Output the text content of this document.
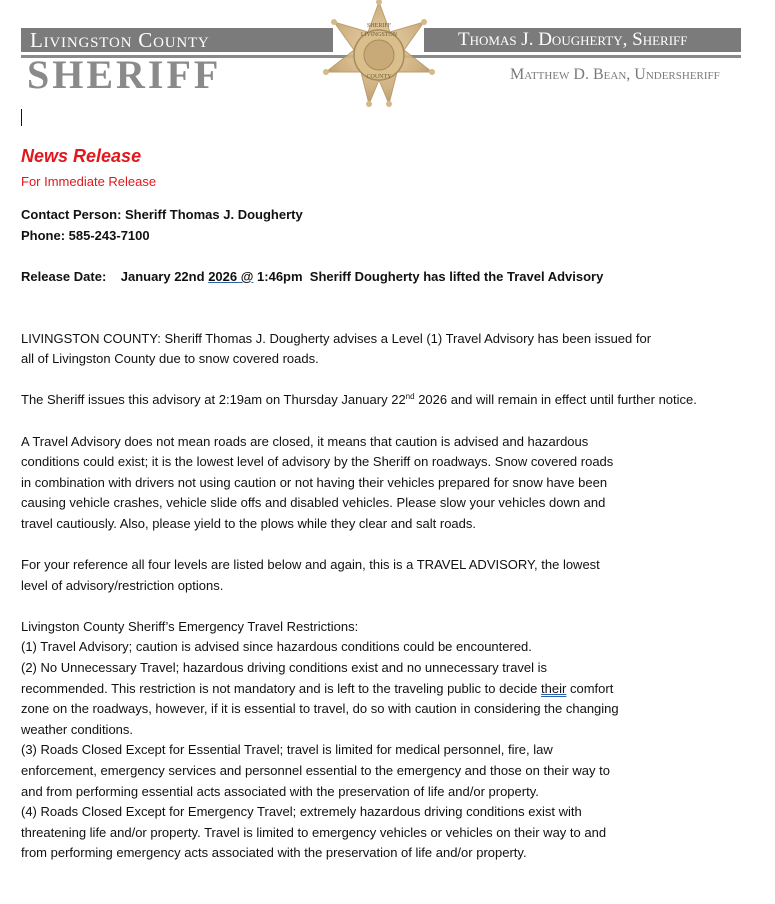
Livingston County
SHERIFF
Thomas J. Dougherty, Sheriff
Matthew D. Bean, Undersheriff
LIVINGSTON
SHERIFF
COUNTY

News Release

For Immediate Release

Contact Person: Sheriff Thomas J. Dougherty

Phone: 585-243-7100

Release Date: January 22nd 2026 @ 1:46pm Sheriff Dougherty has lifted the Travel Advisory

LIVINGSTON COUNTY: Sheriff Thomas J. Dougherty advises a Level (1) Travel Advisory has been issued for all of Livingston County due to snow covered roads.

The Sheriff issues this advisory at 2:19am on Thursday January 22nd 2026 and will remain in effect until further notice.

A Travel Advisory does not mean roads are closed, it means that caution is advised and hazardous conditions could exist; it is the lowest level of advisory by the Sheriff on roadways. Snow covered roads in combination with drivers not using caution or not having their vehicles prepared for snow have been causing vehicle crashes, vehicle slide offs and disabled vehicles. Please slow your vehicles down and travel cautiously. Also, please yield to the plows while they clear and salt roads.

For your reference all four levels are listed below and again, this is a TRAVEL ADVISORY, the lowest level of advisory/restriction options.

Livingston County Sheriff’s Emergency Travel Restrictions:

(1) Travel Advisory; caution is advised since hazardous conditions could be encountered.

(2) No Unnecessary Travel; hazardous driving conditions exist and no unnecessary travel is recommended. This restriction is not mandatory and is left to the traveling public to decide their comfort zone on the roadways, however, if it is essential to travel, do so with caution in considering the changing weather conditions.

(3) Roads Closed Except for Essential Travel; travel is limited for medical personnel, fire, law enforcement, emergency services and personnel essential to the emergency and those on their way to and from performing essential acts associated with the preservation of life and/or property.

(4) Roads Closed Except for Emergency Travel; extremely hazardous driving conditions exist with threatening life and/or property. Travel is limited to emergency vehicles or vehicles on their way to and from performing emergency acts associated with the preservation of life and/or property.
